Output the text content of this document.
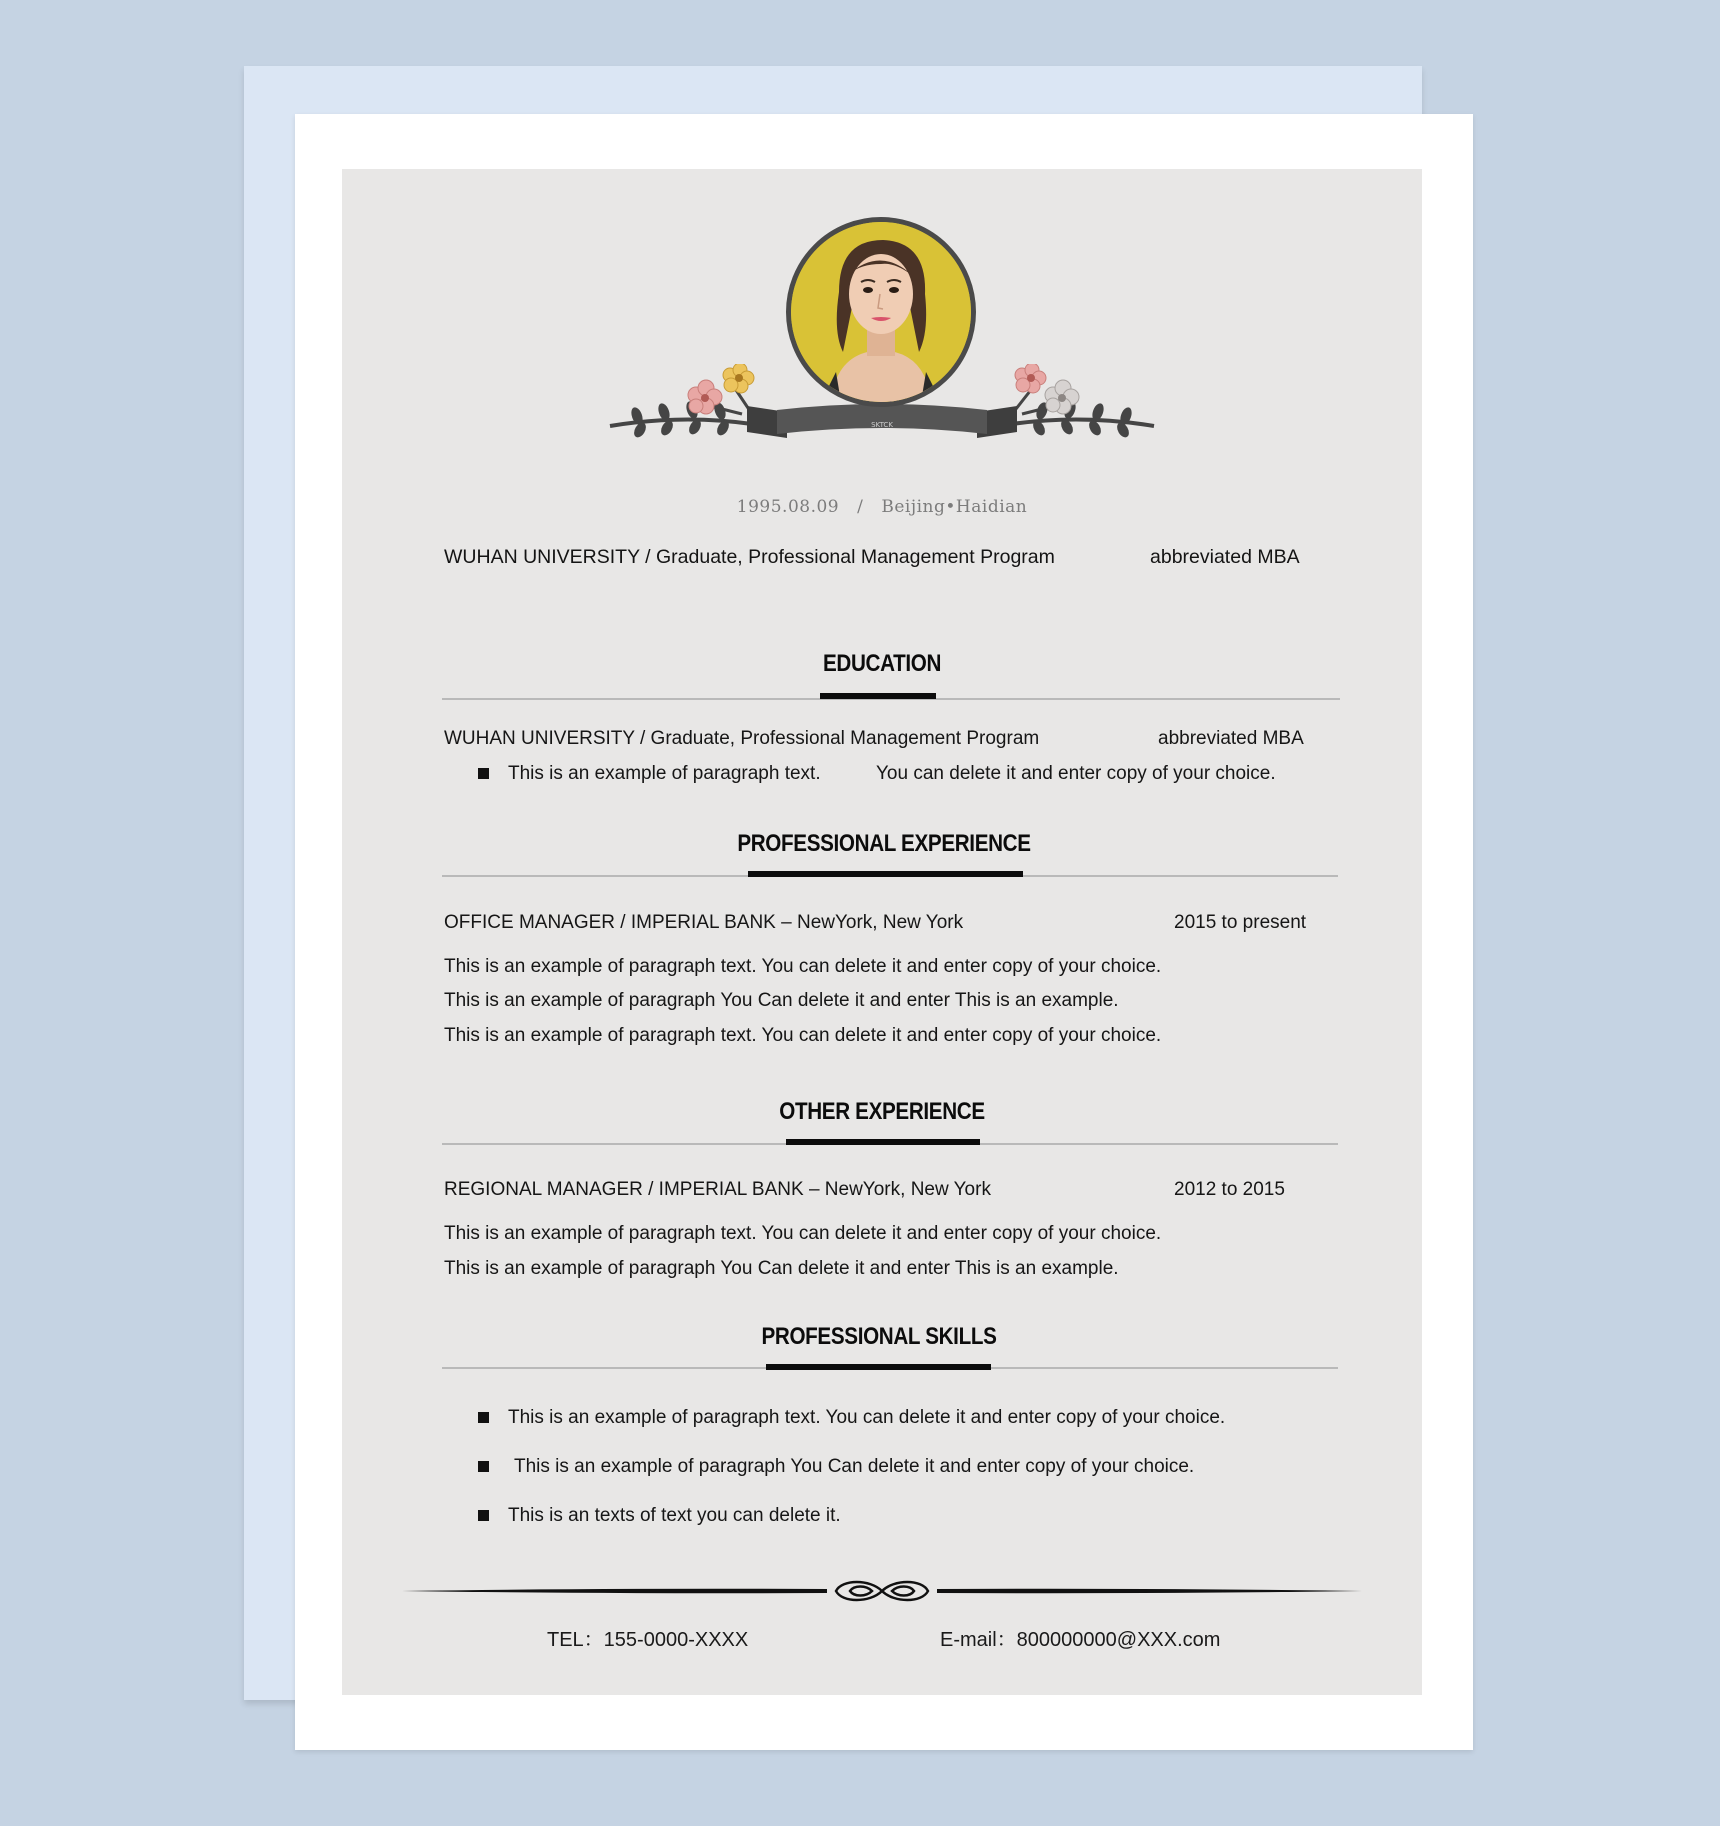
SKTCK
1995.08.09 / Beijing•Haidian
WUHAN UNIVERSITY / Graduate, Professional Management Program	abbreviated MBA
EDUCATION
WUHAN UNIVERSITY / Graduate, Professional Management Program	abbreviated MBA
This is an example of paragraph text.	You can delete it and enter copy of your choice.
PROFESSIONAL EXPERIENCE
OFFICE MANAGER / IMPERIAL BANK – NewYork, New York	2015 to present
This is an example of paragraph text. You can delete it and enter copy of your choice.
This is an example of paragraph You Can delete it and enter This is an example.
This is an example of paragraph text. You can delete it and enter copy of your choice.
OTHER EXPERIENCE
REGIONAL MANAGER / IMPERIAL BANK – NewYork, New York	2012 to 2015
This is an example of paragraph text. You can delete it and enter copy of your choice.
This is an example of paragraph You Can delete it and enter This is an example.
PROFESSIONAL SKILLS
This is an example of paragraph text. You can delete it and enter copy of your choice.
This is an example of paragraph You Can delete it and enter copy of your choice.
This is an texts of text you can delete it.
TEL：155-0000-XXXX	E-mail：800000000@XXX.com
